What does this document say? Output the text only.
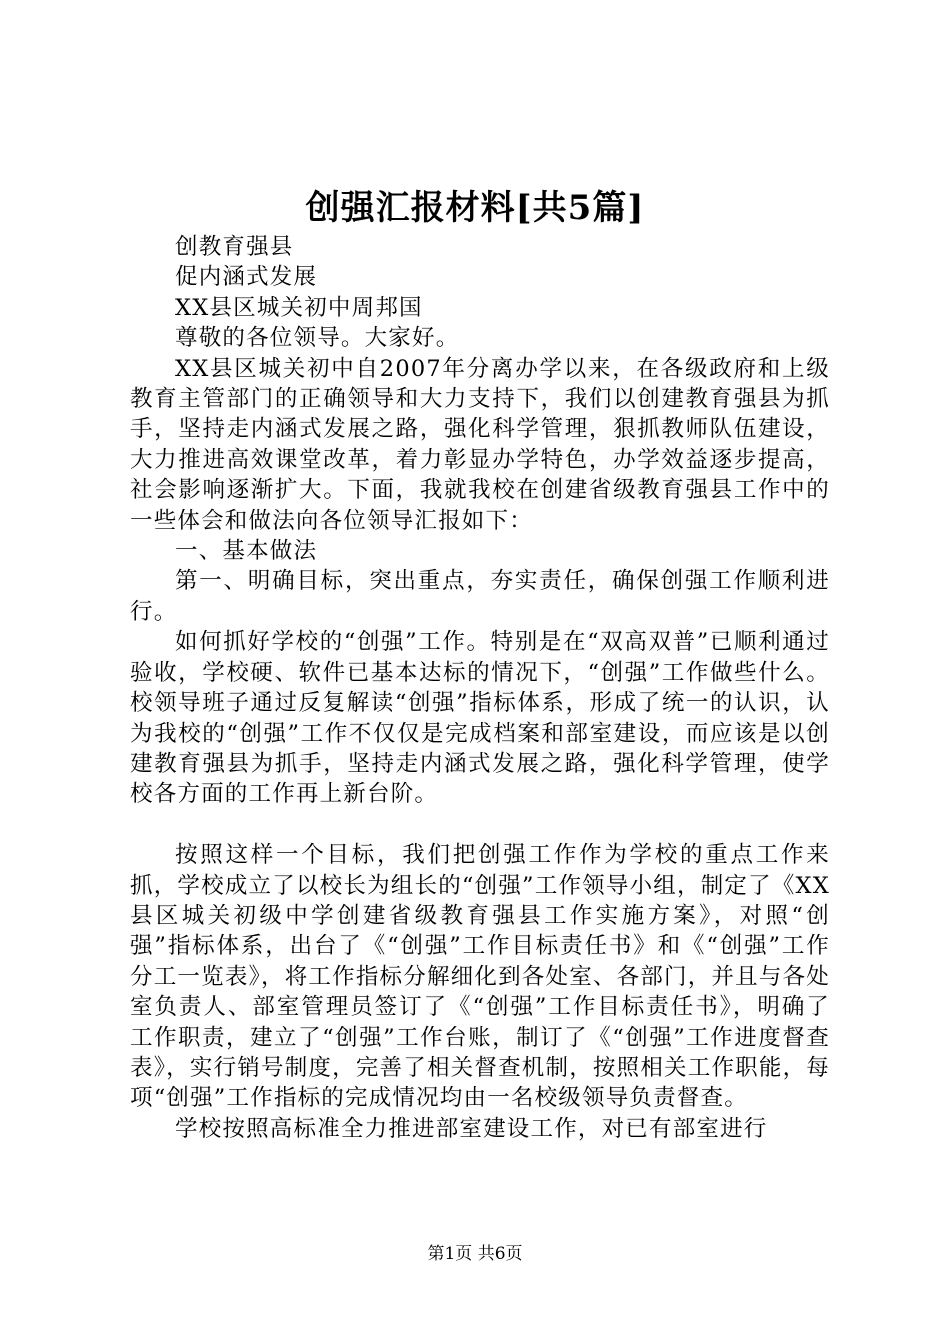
创强汇报材料[共5篇]

创教育强县

促内涵式发展

XX县区城关初中周邦国

尊敬的各位领导。大家好。

XX县区城关初中自2007年分离办学以来，在各级政府和上级教育主管部门的正确领导和大力支持下，我们以创建教育强县为抓手，坚持走内涵式发展之路，强化科学管理，狠抓教师队伍建设，大力推进高效课堂改革，着力彰显办学特色，办学效益逐步提高，社会影响逐渐扩大。下面，我就我校在创建省级教育强县工作中的一些体会和做法向各位领导汇报如下：

一、基本做法

第一、明确目标，突出重点，夯实责任，确保创强工作顺利进行。

如何抓好学校的“创强”工作。特别是在“双高双普”已顺利通过验收，学校硬、软件已基本达标的情况下，“创强”工作做些什么。校领导班子通过反复解读“创强”指标体系，形成了统一的认识，认为我校的“创强”工作不仅仅是完成档案和部室建设，而应该是以创建教育强县为抓手，坚持走内涵式发展之路，强化科学管理，使学校各方面的工作再上新台阶。

按照这样一个目标，我们把创强工作作为学校的重点工作来抓，学校成立了以校长为组长的“创强”工作领导小组，制定了《XX县区城关初级中学创建省级教育强县工作实施方案》，对照“创强”指标体系，出台了《“创强”工作目标责任书》和《“创强”工作分工一览表》，将工作指标分解细化到各处室、各部门，并且与各处室负责人、部室管理员签订了《“创强”工作目标责任书》，明确了工作职责，建立了“创强”工作台账，制订了《“创强”工作进度督查表》，实行销号制度，完善了相关督查机制，按照相关工作职能，每项“创强”工作指标的完成情况均由一名校级领导负责督查。

学校按照高标准全力推进部室建设工作，对已有部室进行

第1页 共6页
